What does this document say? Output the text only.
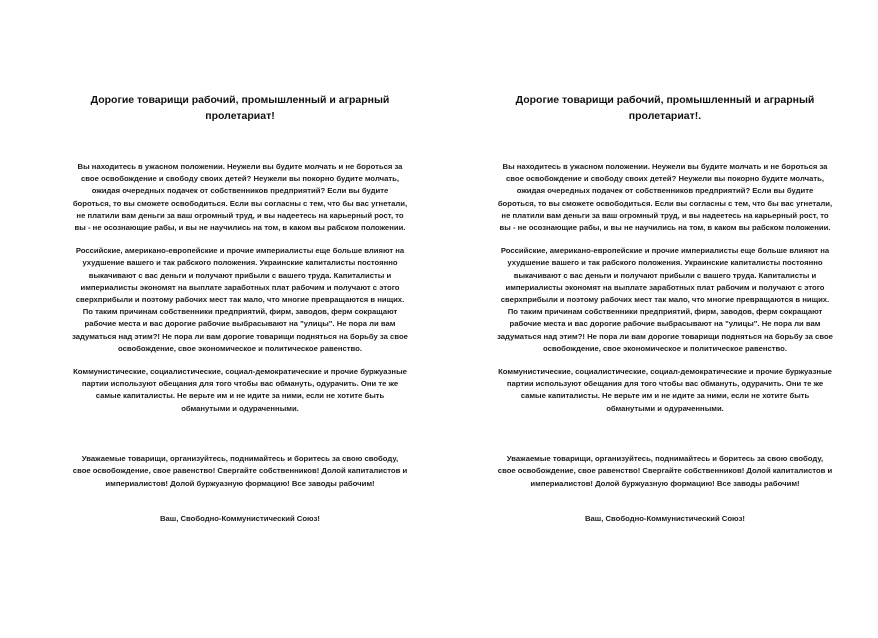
Дорогие товарищи рабочий, промышленный и аграрный пролетариат!
Вы находитесь в ужасном положении. Неужели вы будите молчать и не бороться за свое освобождение и свободу своих детей? Неужели вы покорно будите молчать, ожидая очередных подачек от собственников предприятий? Если вы будите бороться, то вы сможете освободиться. Если вы согласны с тем, что бы вас угнетали, не платили вам деньги за ваш огромный труд, и вы надеетесь на карьерный рост, то вы - не осознающие рабы, и вы не научились на том, в каком вы рабском положении.
Российские, американо-европейские и прочие империалисты еще больше влияют на ухудшение вашего и так рабского положения. Украинские капиталисты постоянно выкачивают с вас деньги и получают прибыли с вашего труда. Капиталисты и империалисты экономят на выплате заработных плат рабочим и получают с этого сверхприбыли и поэтому рабочих мест так мало, что многие превращаются в нищих. По таким причинам собственники предприятий, фирм, заводов, ферм сокращают рабочие места и вас дорогие рабочие выбрасывают на "улицы". Не пора ли вам задуматься над этим?! Не пора ли вам дорогие товарищи подняться на борьбу за свое освобождение, свое экономическое и политическое равенство.
Коммунистические, социалистические, социал-демократические и прочие буржуазные партии используют обещания для того чтобы вас обмануть, одурачить. Они те же самые капиталисты. Не верьте им и не идите за ними, если не хотите быть обманутыми и одураченными.
Уважаемые товарищи, организуйтесь, поднимайтесь и боритесь за свою свободу, свое освобождение, свое равенство! Свергайте собственников! Долой капиталистов и империалистов! Долой буржуазную формацию! Все заводы рабочим!
Ваш, Свободно-Коммунистический Союз!
Дорогие товарищи рабочий, промышленный и аграрный пролетариат!.
Вы находитесь в ужасном положении. Неужели вы будите молчать и не бороться за свое освобождение и свободу своих детей? Неужели вы покорно будите молчать, ожидая очередных подачек от собственников предприятий? Если вы будите бороться, то вы сможете освободиться. Если вы согласны с тем, что бы вас угнетали, не платили вам деньги за ваш огромный труд, и вы надеетесь на карьерный рост, то вы - не осознающие рабы, и вы не научились на том, в каком вы рабском положении.
Российские, американо-европейские и прочие империалисты еще больше влияют на ухудшение вашего и так рабского положения. Украинские капиталисты постоянно выкачивают с вас деньги и получают прибыли с вашего труда. Капиталисты и империалисты экономят на выплате заработных плат рабочим и получают с этого сверхприбыли и поэтому рабочих мест так мало, что многие превращаются в нищих. По таким причинам собственники предприятий, фирм, заводов, ферм сокращают рабочие места и вас дорогие рабочие выбрасывают на "улицы". Не пора ли вам задуматься над этим?! Не пора ли вам дорогие товарищи подняться на борьбу за свое освобождение, свое экономическое и политическое равенство.
Коммунистические, социалистические, социал-демократические и прочие буржуазные партии используют обещания для того чтобы вас обмануть, одурачить. Они те же самые капиталисты. Не верьте им и не идите за ними, если не хотите быть обманутыми и одураченными.
Уважаемые товарищи, организуйтесь, поднимайтесь и боритесь за свою свободу, свое освобождение, свое равенство! Свергайте собственников! Долой капиталистов и империалистов! Долой буржуазную формацию! Все заводы рабочим!
Ваш, Свободно-Коммунистический Союз!
